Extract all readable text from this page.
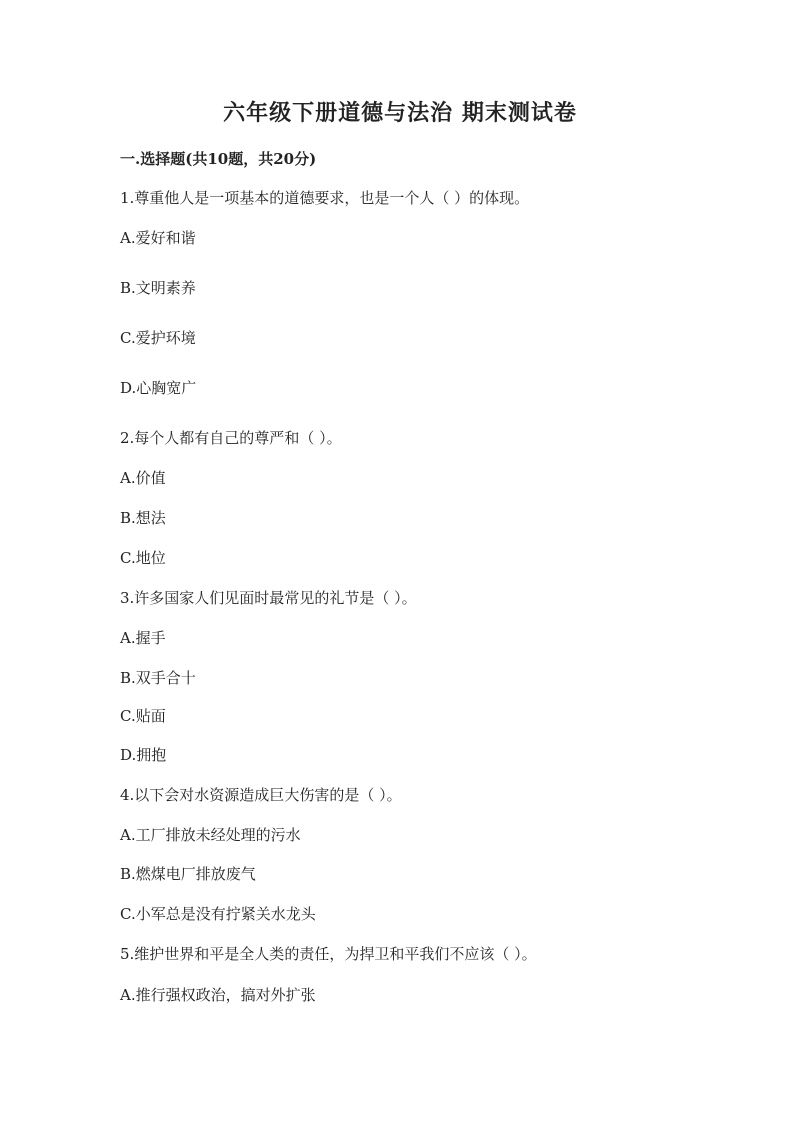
六年级下册道德与法治 期末测试卷
一.选择题(共10题，共20分)
1.尊重他人是一项基本的道德要求，也是一个人（ ）的体现。
A.爱好和谐
B.文明素养
C.爱护环境
D.心胸宽广
2.每个人都有自己的尊严和（ ）。
A.价值
B.想法
C.地位
3.许多国家人们见面时最常见的礼节是（ ）。
A.握手
B.双手合十
C.贴面
D.拥抱
4.以下会对水资源造成巨大伤害的是（ ）。
A.工厂排放未经处理的污水
B.燃煤电厂排放废气
C.小军总是没有拧紧关水龙头
5.维护世界和平是全人类的责任，为捍卫和平我们不应该（ ）。
A.推行强权政治，搞对外扩张
